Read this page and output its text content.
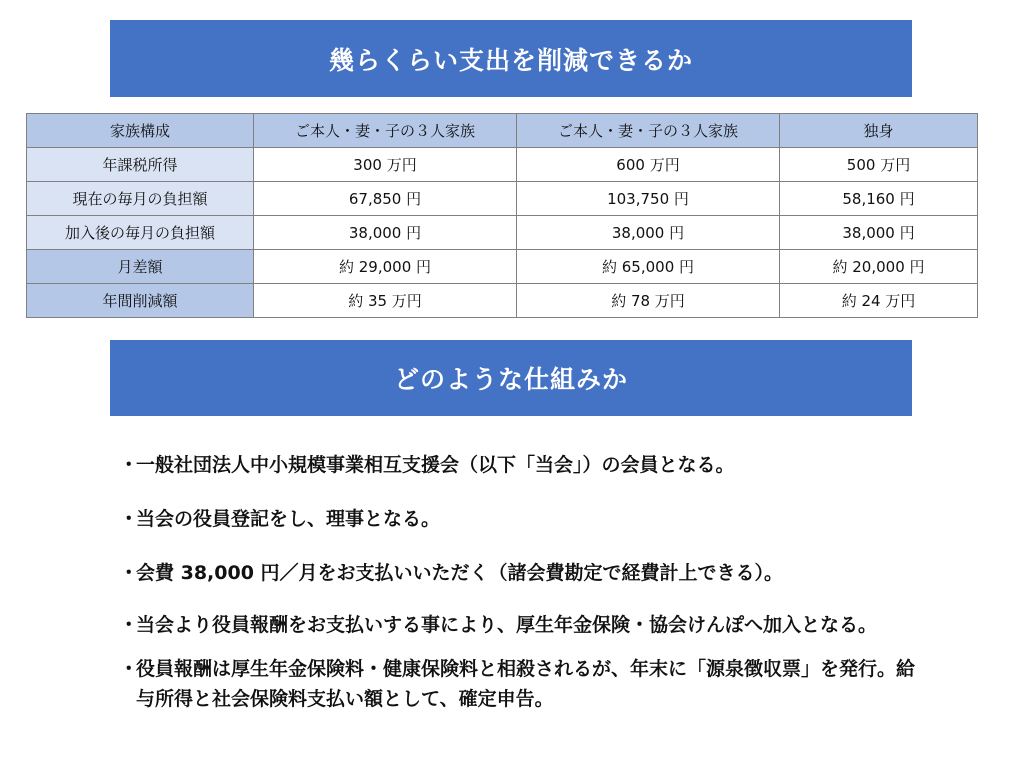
幾らくらい支出を削減できるか
家族構成	ご本人・妻・子の３人家族	ご本人・妻・子の３人家族	独身
年課税所得	300 万円	600 万円	500 万円
現在の毎月の負担額	67,850 円	103,750 円	58,160 円
加入後の毎月の負担額	38,000 円	38,000 円	38,000 円
月差額	約 29,000 円	約 65,000 円	約 20,000 円
年間削減額	約 35 万円	約 78 万円	約 24 万円
どのような仕組みか
･ 一般社団法人中小規模事業相互支援会（以下「当会」）の会員となる。
･ 当会の役員登記をし、理事となる。
･ 会費 38,000 円／月をお支払いいただく（諸会費勘定で経費計上できる）。
･ 当会より役員報酬をお支払いする事により、厚生年金保険・協会けんぽへ加入となる。
･ 役員報酬は厚生年金保険料・健康保険料と相殺されるが、年末に「源泉徴収票」を発行。給与所得と社会保険料支払い額として、確定申告。
